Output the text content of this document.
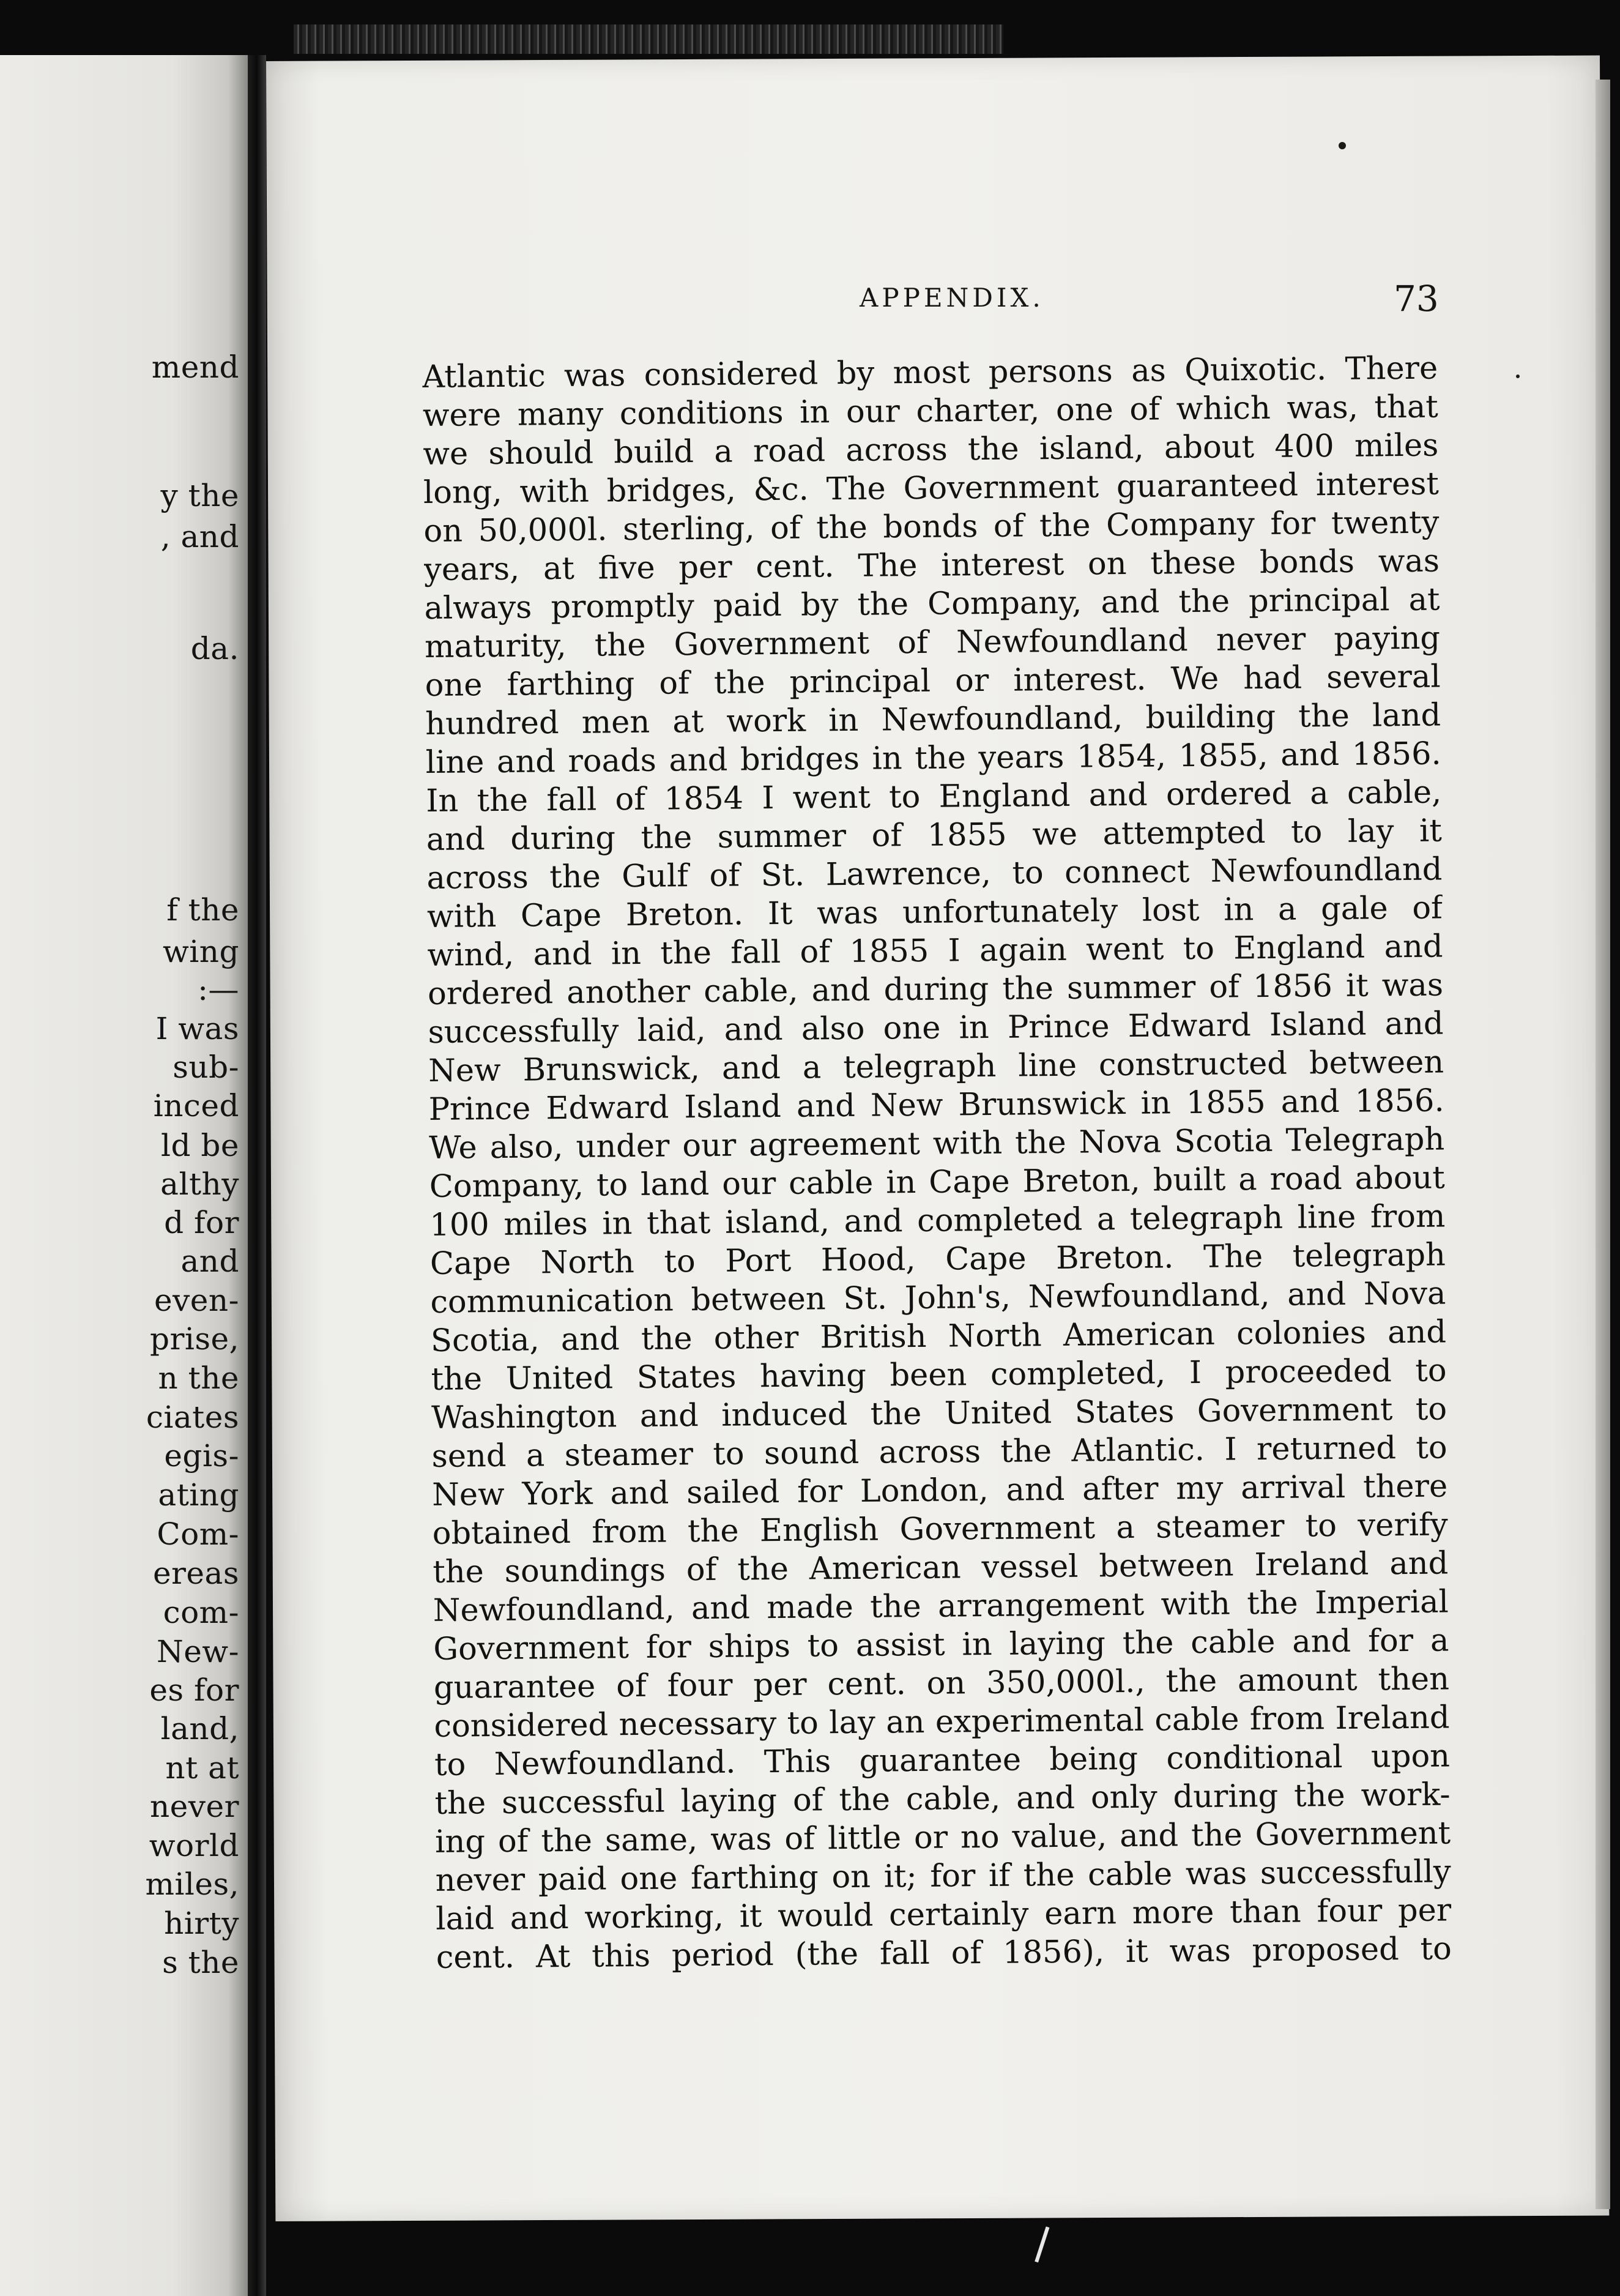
mend
y the
, and
da.
f the
wing
:—
I was
sub-
inced
ld be
althy
d for
and
even-
prise,
n the
ciates
egis-
ating
Com-
ereas
com-
New-
es for
land,
nt at
never
world
miles,
hirty
s the
APPENDIX.	73
Atlantic was considered by most persons as Quixotic. There
were many conditions in our charter, one of which was, that
we should build a road across the island, about 400 miles
long, with bridges, &c. The Government guaranteed interest
on 50,000l. sterling, of the bonds of the Company for twenty
years, at five per cent. The interest on these bonds was
always promptly paid by the Company, and the principal at
maturity, the Government of Newfoundland never paying
one farthing of the principal or interest. We had several
hundred men at work in Newfoundland, building the land
line and roads and bridges in the years 1854, 1855, and 1856.
In the fall of 1854 I went to England and ordered a cable,
and during the summer of 1855 we attempted to lay it
across the Gulf of St. Lawrence, to connect Newfoundland
with Cape Breton. It was unfortunately lost in a gale of
wind, and in the fall of 1855 I again went to England and
ordered another cable, and during the summer of 1856 it was
successfully laid, and also one in Prince Edward Island and
New Brunswick, and a telegraph line constructed between
Prince Edward Island and New Brunswick in 1855 and 1856.
We also, under our agreement with the Nova Scotia Telegraph
Company, to land our cable in Cape Breton, built a road about
100 miles in that island, and completed a telegraph line from
Cape North to Port Hood, Cape Breton. The telegraph
communication between St. John's, Newfoundland, and Nova
Scotia, and the other British North American colonies and
the United States having been completed, I proceeded to
Washington and induced the United States Government to
send a steamer to sound across the Atlantic. I returned to
New York and sailed for London, and after my arrival there
obtained from the English Government a steamer to verify
the soundings of the American vessel between Ireland and
Newfoundland, and made the arrangement with the Imperial
Government for ships to assist in laying the cable and for a
guarantee of four per cent. on 350,000l., the amount then
considered necessary to lay an experimental cable from Ireland
to Newfoundland. This guarantee being conditional upon
the successful laying of the cable, and only during the work-
ing of the same, was of little or no value, and the Government
never paid one farthing on it; for if the cable was successfully
laid and working, it would certainly earn more than four per
cent. At this period (the fall of 1856), it was proposed to
